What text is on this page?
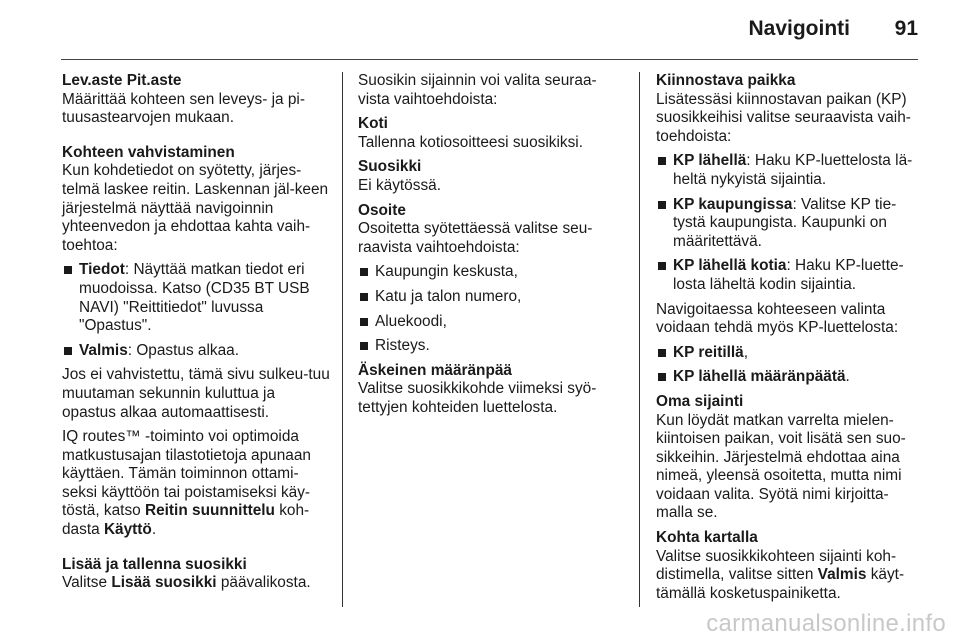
Navigointi 91
Lev.aste Pit.aste
Määrittää kohteen sen leveys- ja pi-tuusastearvojen mukaan.
Kohteen vahvistaminen
Kun kohdetiedot on syötetty, järjes-telmä laskee reitin. Laskennan jäl-keen järjestelmä näyttää navigoinnin yhteenvedon ja ehdottaa kahta vaih-toehtoa:
Tiedot: Näyttää matkan tiedot eri muodoissa. Katso (CD35 BT USB NAVI) "Reittitiedot" luvussa "Opastus".
Valmis: Opastus alkaa.

Jos ei vahvistettu, tämä sivu sulkeu-tuu muutaman sekunnin kuluttua ja opastus alkaa automaattisesti.

IQ routes™ -toiminto voi optimoida matkustusajan tilastotietoja apunaan käyttäen. Tämän toiminnon ottami-seksi käyttöön tai poistamiseksi käy-töstä, katso Reitin suunnittelu koh-dasta Käyttö.

Lisää ja tallenna suosikki
Valitse Lisää suosikki päävalikosta.

Suosikin sijainnin voi valita seuraa-vista vaihtoehdoista:

Koti
Tallenna kotiosoitteesi suosikiksi.
Suosikki
Ei käytössä.
Osoite
Osoitetta syötettäessä valitse seu-raavista vaihtoehdoista:
Kaupungin keskusta,
Katu ja talon numero,
Aluekoodi,
Risteys.
Äskeinen määränpää
Valitse suosikkikohde viimeksi syö-tettyjen kohteiden luettelosta.
Kiinnostava paikka
Lisätessäsi kiinnostavan paikan (KP) suosikkeihisi valitse seuraavista vaih-toehdoista:
KP lähellä: Haku KP-luettelosta lä-heltä nykyistä sijaintia.
KP kaupungissa: Valitse KP tie-tystä kaupungista. Kaupunki on määritettävä.
KP lähellä kotia: Haku KP-luette-losta läheltä kodin sijaintia.

Navigoitaessa kohteeseen valinta voidaan tehdä myös KP-luettelosta:

KP reitillä,
KP lähellä määränpäätä.
Oma sijainti
Kun löydät matkan varrelta mielen-kiintoisen paikan, voit lisätä sen suo-sikkeihin. Järjestelmä ehdottaa aina nimeä, yleensä osoitetta, mutta nimi voidaan valita. Syötä nimi kirjoitta-malla se.
Kohta kartalla
Valitse suosikkikohteen sijainti koh-distimella, valitse sitten Valmis käyt-tämällä kosketuspainiketta.
carmanualsonline.info
